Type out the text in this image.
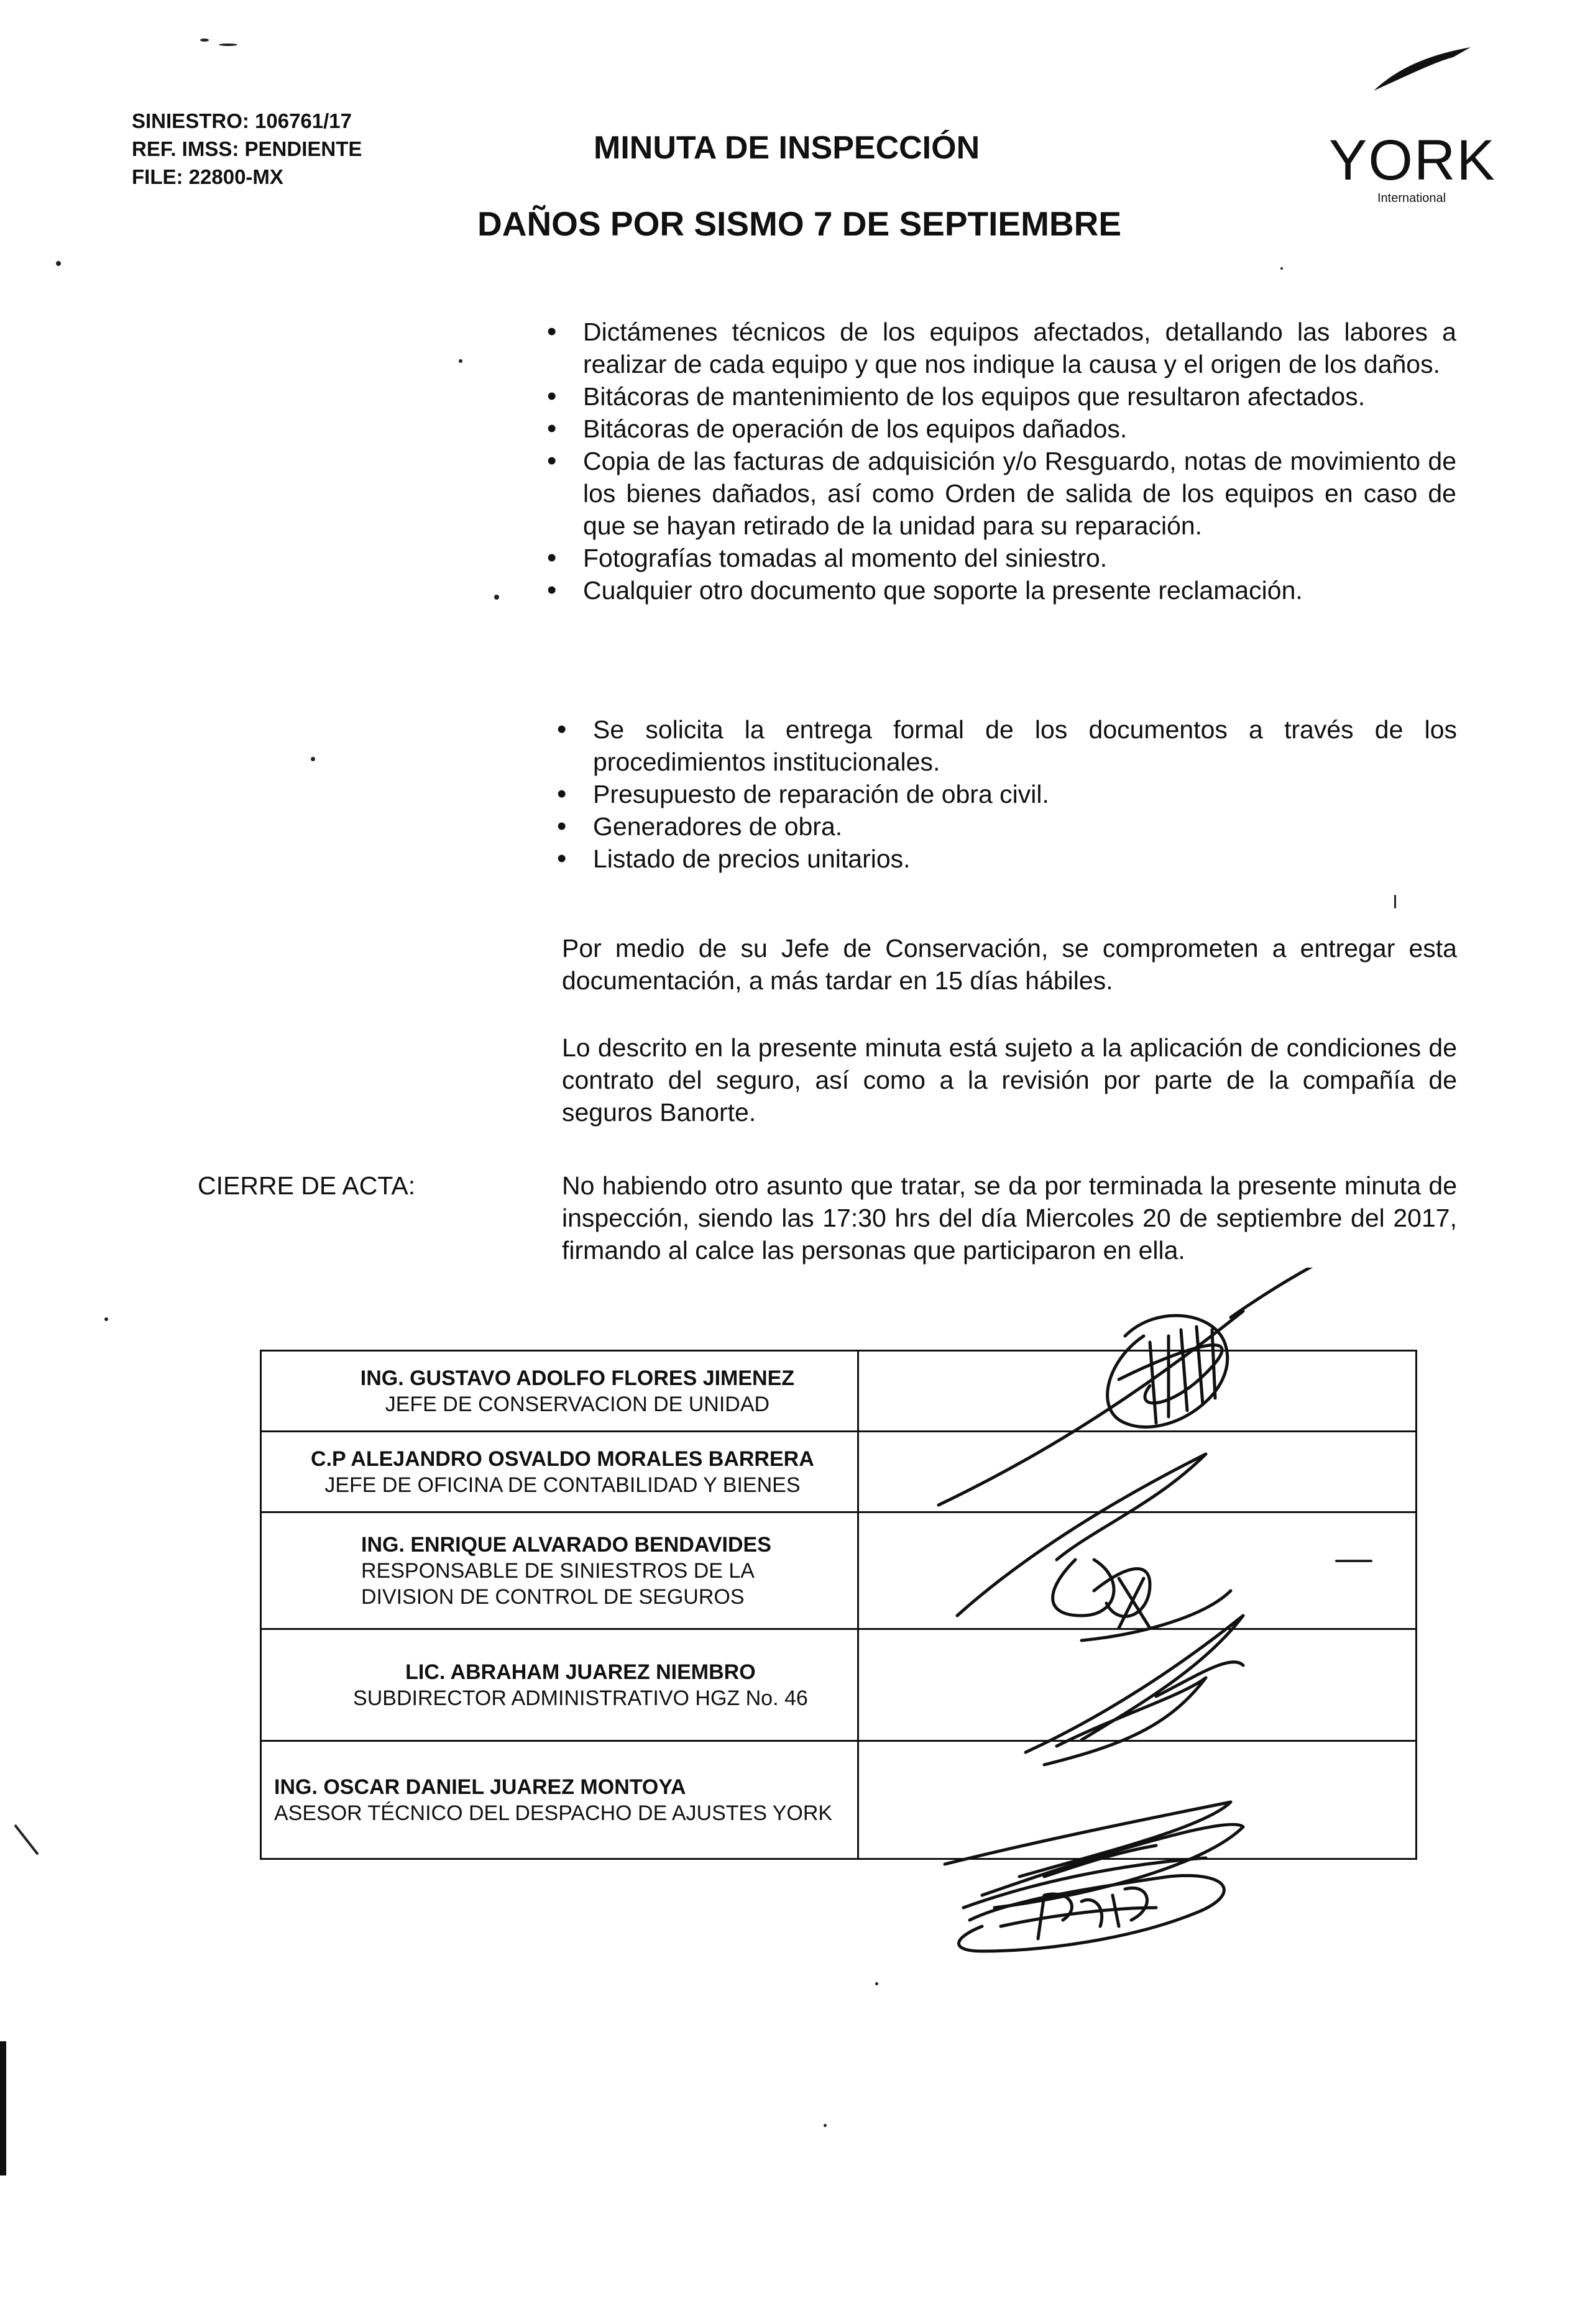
SINIESTRO: 106761/17
REF. IMSS: PENDIENTE
FILE: 22800-MX
MINUTA DE INSPECCIÓN
DAÑOS POR SISMO 7 DE SEPTIEMBRE
YORK
International
• Dictámenes técnicos de los equipos afectados, detallando las labores a realizar de cada equipo y que nos indique la causa y el origen de los daños.
• Bitácoras de mantenimiento de los equipos que resultaron afectados.
• Bitácoras de operación de los equipos dañados.
• Copia de las facturas de adquisición y/o Resguardo, notas de movimiento de los bienes dañados, así como Orden de salida de los equipos en caso de que se hayan retirado de la unidad para su reparación.
• Fotografías tomadas al momento del siniestro.
• Cualquier otro documento que soporte la presente reclamación.
• Se solicita la entrega formal de los documentos a través de los procedimientos institucionales.
• Presupuesto de reparación de obra civil.
• Generadores de obra.
• Listado de precios unitarios.
Por medio de su Jefe de Conservación, se comprometen a entregar esta documentación, a más tardar en 15 días hábiles.
Lo descrito en la presente minuta está sujeto a la aplicación de condiciones de contrato del seguro, así como a la revisión por parte de la compañía de seguros Banorte.
CIERRE DE ACTA:	No habiendo otro asunto que tratar, se da por terminada la presente minuta de inspección, siendo las 17:30 hrs del día Miercoles 20 de septiembre del 2017, firmando al calce las personas que participaron en ella.
ING. GUSTAVO ADOLFO FLORES JIMENEZ
JEFE DE CONSERVACION DE UNIDAD	

C.P ALEJANDRO OSVALDO MORALES BARRERA
JEFE DE OFICINA DE CONTABILIDAD Y BIENES	

ING. ENRIQUE ALVARADO BENDAVIDES
RESPONSABLE DE SINIESTROS DE LA DIVISION DE CONTROL DE SEGUROS	

LIC. ABRAHAM JUAREZ NIEMBRO
SUBDIRECTOR ADMINISTRATIVO HGZ No. 46	

ING. OSCAR DANIEL JUAREZ MONTOYA
ASESOR TÉCNICO DEL DESPACHO DE AJUSTES YORK	
